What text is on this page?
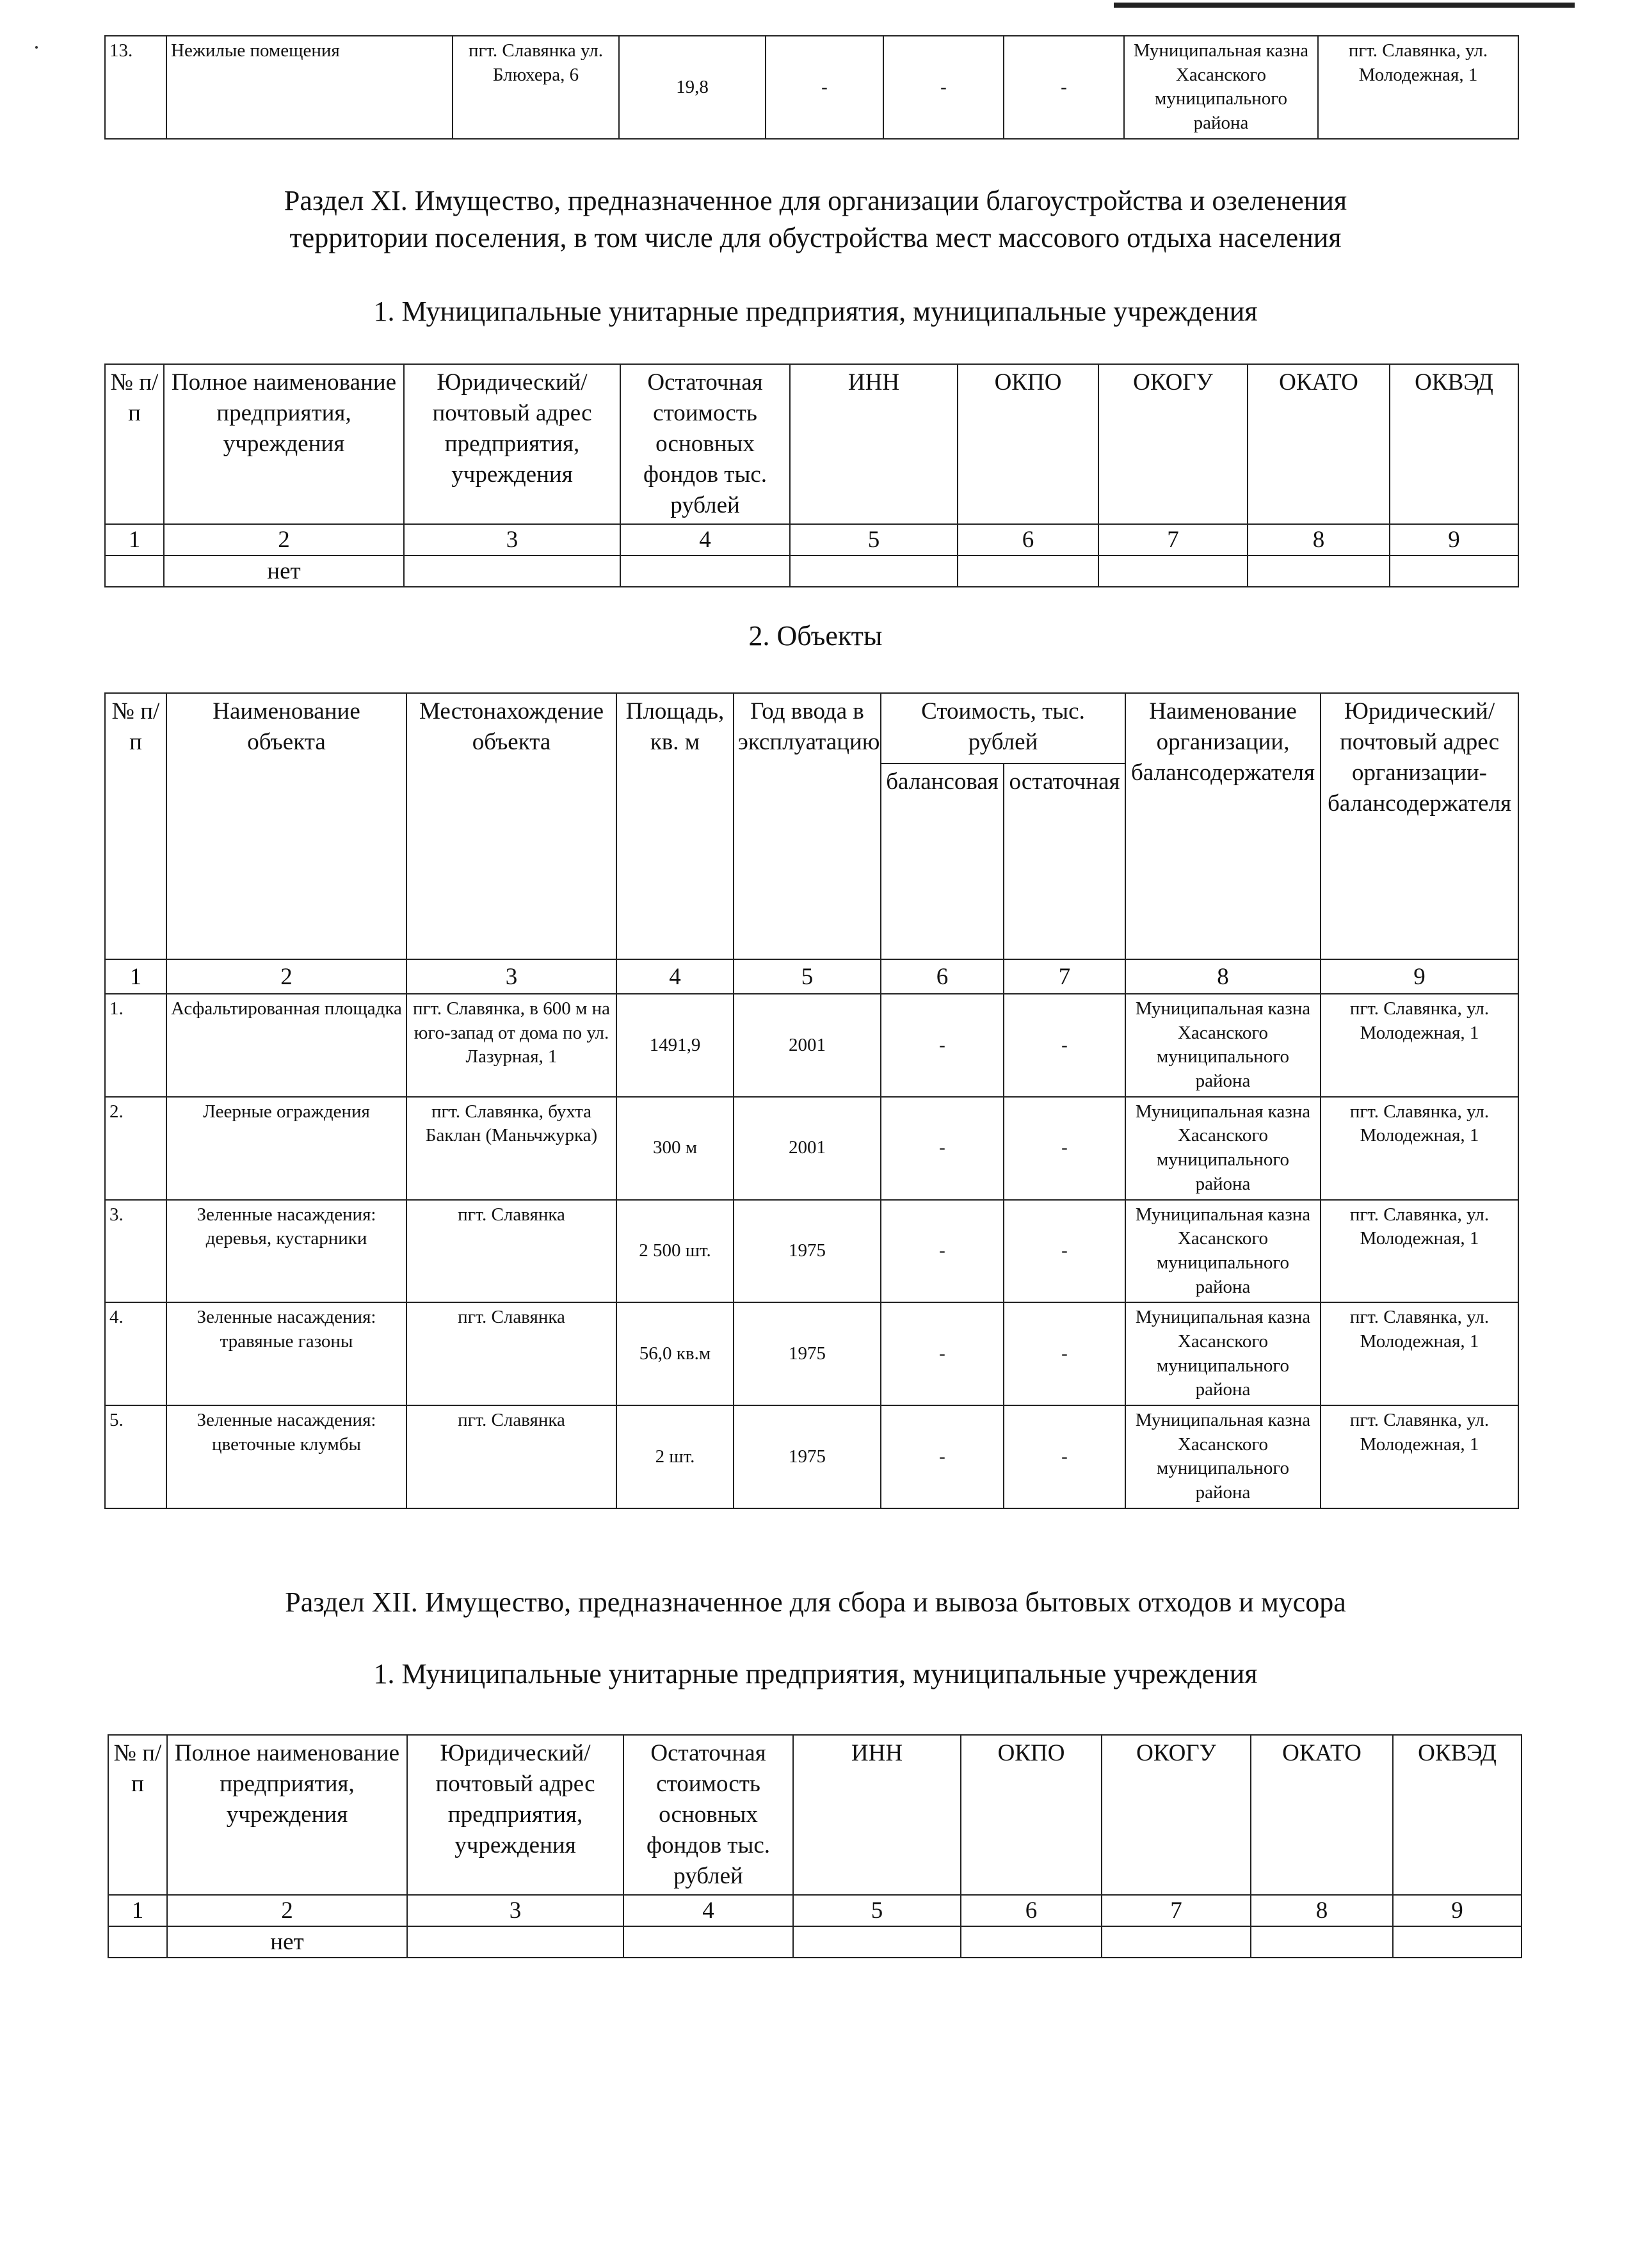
13.	Нежилые помещения	пгт. Славянка ул. Блюхера, 6	19,8	-	-	-	Муниципальная казна Хасанского муниципального района	пгт. Славянка, ул. Молодежная, 1
Раздел XI. Имущество, предназначенное для организации благоустройства и озеленения
территории поселения, в том числе для обустройства мест массового отдыха населения
1. Муниципальные унитарные предприятия, муниципальные учреждения
№ п/п	Полное наименование предприятия, учреждения	Юридический/почтовый адрес предприятия, учреждения	Остаточная стоимость основных фондов тыс. рублей	ИНН	ОКПО	ОКОГУ	ОКАТО	ОКВЭД
1	2	3	4	5	6	7	8	9
	нет							
2. Объекты
№ п/п	Наименование объекта	Местонахождение объекта	Площадь, кв. м	Год ввода в эксплуатацию	Стоимость, тыс. рублей		Наименование организации, балансодержателя	Юридический/ почтовый адрес организации-балансодержателя
					балансовая	остаточная		
1	2	3	4	5	6	7	8	9
1.	Асфальтированная площадка	пгт. Славянка, в 600 м на юго-запад от дома по ул. Лазурная, 1	1491,9	2001	-	-	Муниципальная казна Хасанского муниципального района	пгт. Славянка, ул. Молодежная, 1
2.	Леерные ограждения	пгт. Славянка, бухта Баклан (Маньчжурка)	300 м	2001	-	-	Муниципальная казна Хасанского муниципального района	пгт. Славянка, ул. Молодежная, 1
3.	Зеленные насаждения: деревья, кустарники	пгт. Славянка	2 500 шт.	1975	-	-	Муниципальная казна Хасанского муниципального района	пгт. Славянка, ул. Молодежная, 1
4.	Зеленные насаждения: травяные газоны	пгт. Славянка	56,0 кв.м	1975	-	-	Муниципальная казна Хасанского муниципального района	пгт. Славянка, ул. Молодежная, 1
5.	Зеленные насаждения: цветочные клумбы	пгт. Славянка	2 шт.	1975	-	-	Муниципальная казна Хасанского муниципального района	пгт. Славянка, ул. Молодежная, 1
Раздел XII. Имущество, предназначенное для сбора и вывоза бытовых отходов и мусора
1. Муниципальные унитарные предприятия, муниципальные учреждения
№ п/п	Полное наименование предприятия, учреждения	Юридический/почтовый адрес предприятия, учреждения	Остаточная стоимость основных фондов тыс. рублей	ИНН	ОКПО	ОКОГУ	ОКАТО	ОКВЭД
1	2	3	4	5	6	7	8	9
	нет							
